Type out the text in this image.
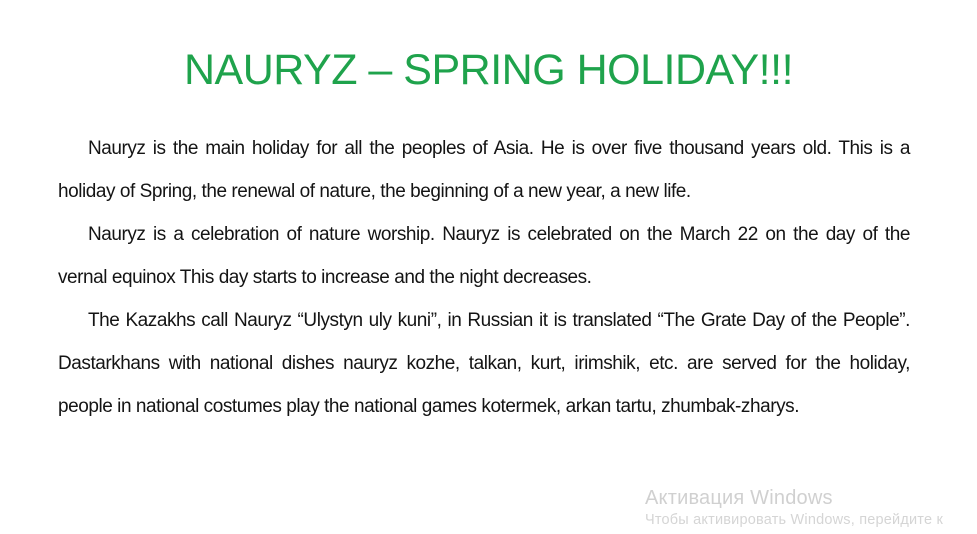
NAURYZ – SPRING HOLIDAY!!!

Nauryz is the main holiday for all the peoples of Asia. He is over five thousand years old. This is a holiday of Spring, the renewal of nature, the beginning of a new year, a new life.

Nauryz is a celebration of nature worship. Nauryz is celebrated on the March 22 on the day of the vernal equinox This day starts to increase and the night decreases.

The Kazakhs call Nauryz “Ulystyn uly kuni”, in Russian it is translated “The Grate Day of the People”. Dastarkhans with national dishes nauryz kozhe, talkan, kurt, irimshik, etc. are served for the holiday, people in national costumes play the national games kotermek, arkan tartu, zhumbak-zharys.

Активация Windows
Чтобы активировать Windows, перейдите к
